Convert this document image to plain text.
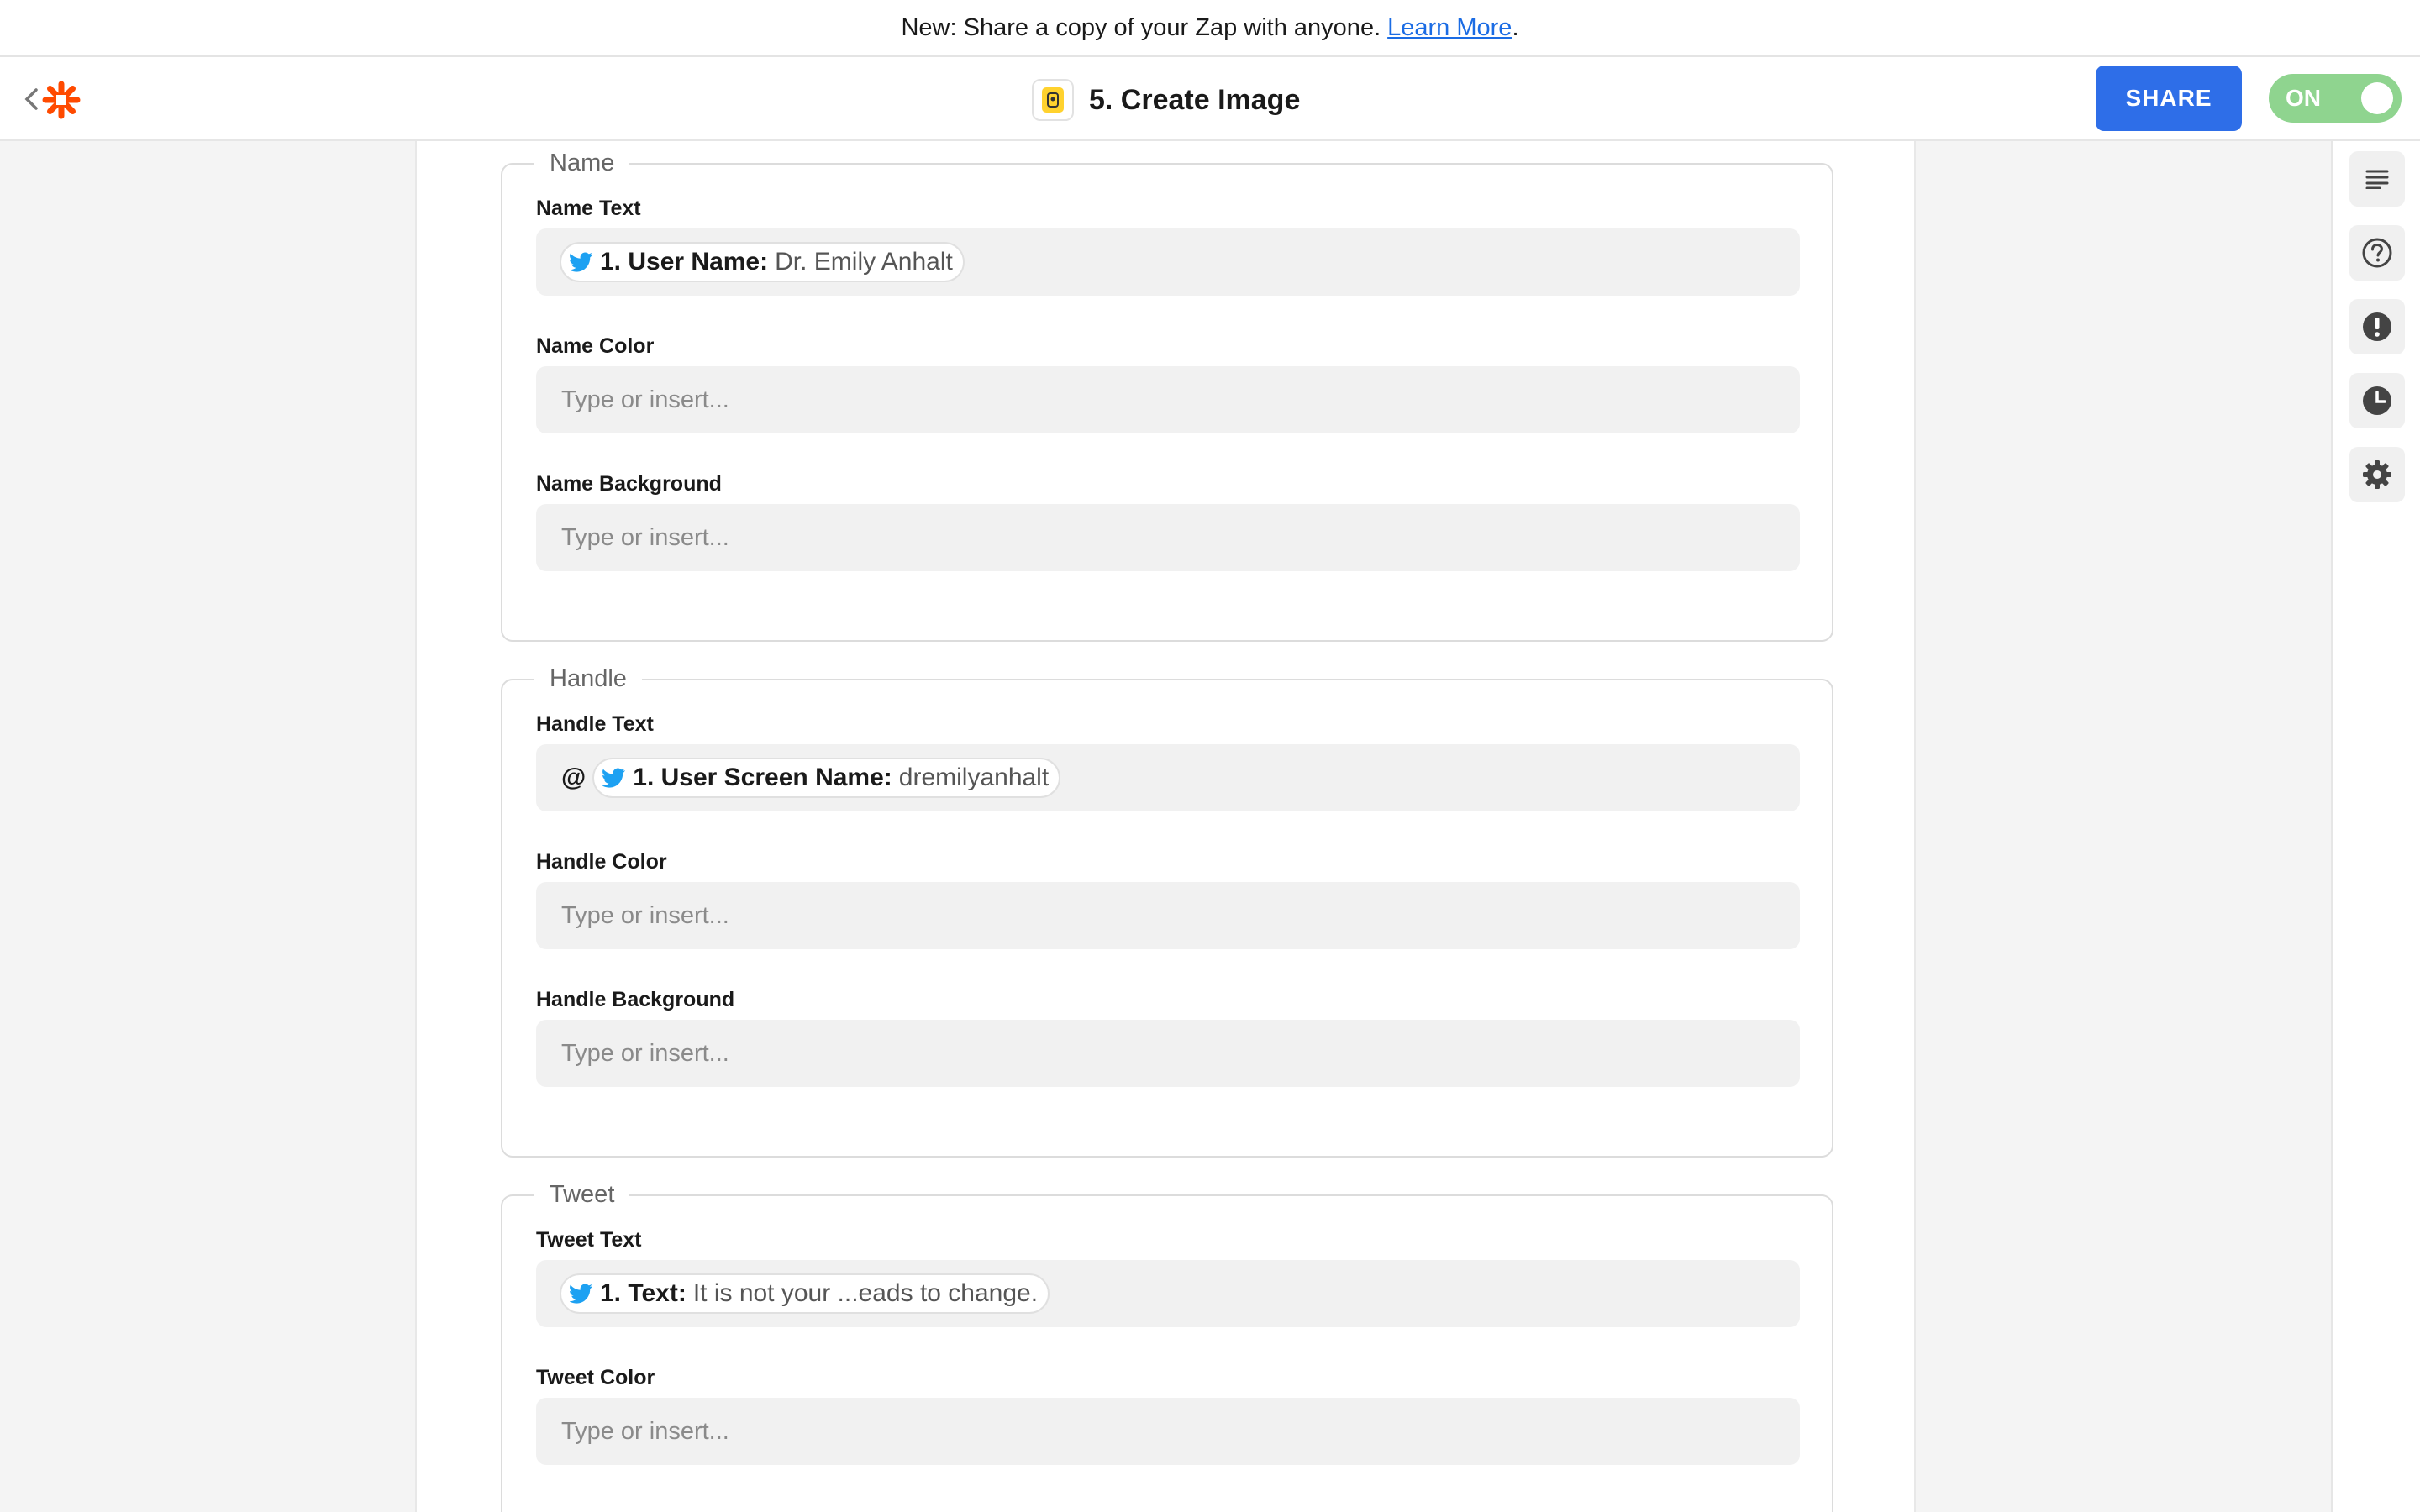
New: Share a copy of your Zap with anyone. Learn More .
5. Create Image	SHARE	ON
Name
Name Text
1. User Name: Dr. Emily Anhalt
Name Color
Type or insert...
Name Background
Type or insert...
Handle
Handle Text
@ 1. User Screen Name: dremilyanhalt
Handle Color
Type or insert...
Handle Background
Type or insert...
Tweet
Tweet Text
1. Text: It is not your ...eads to change.
Tweet Color
Type or insert...
